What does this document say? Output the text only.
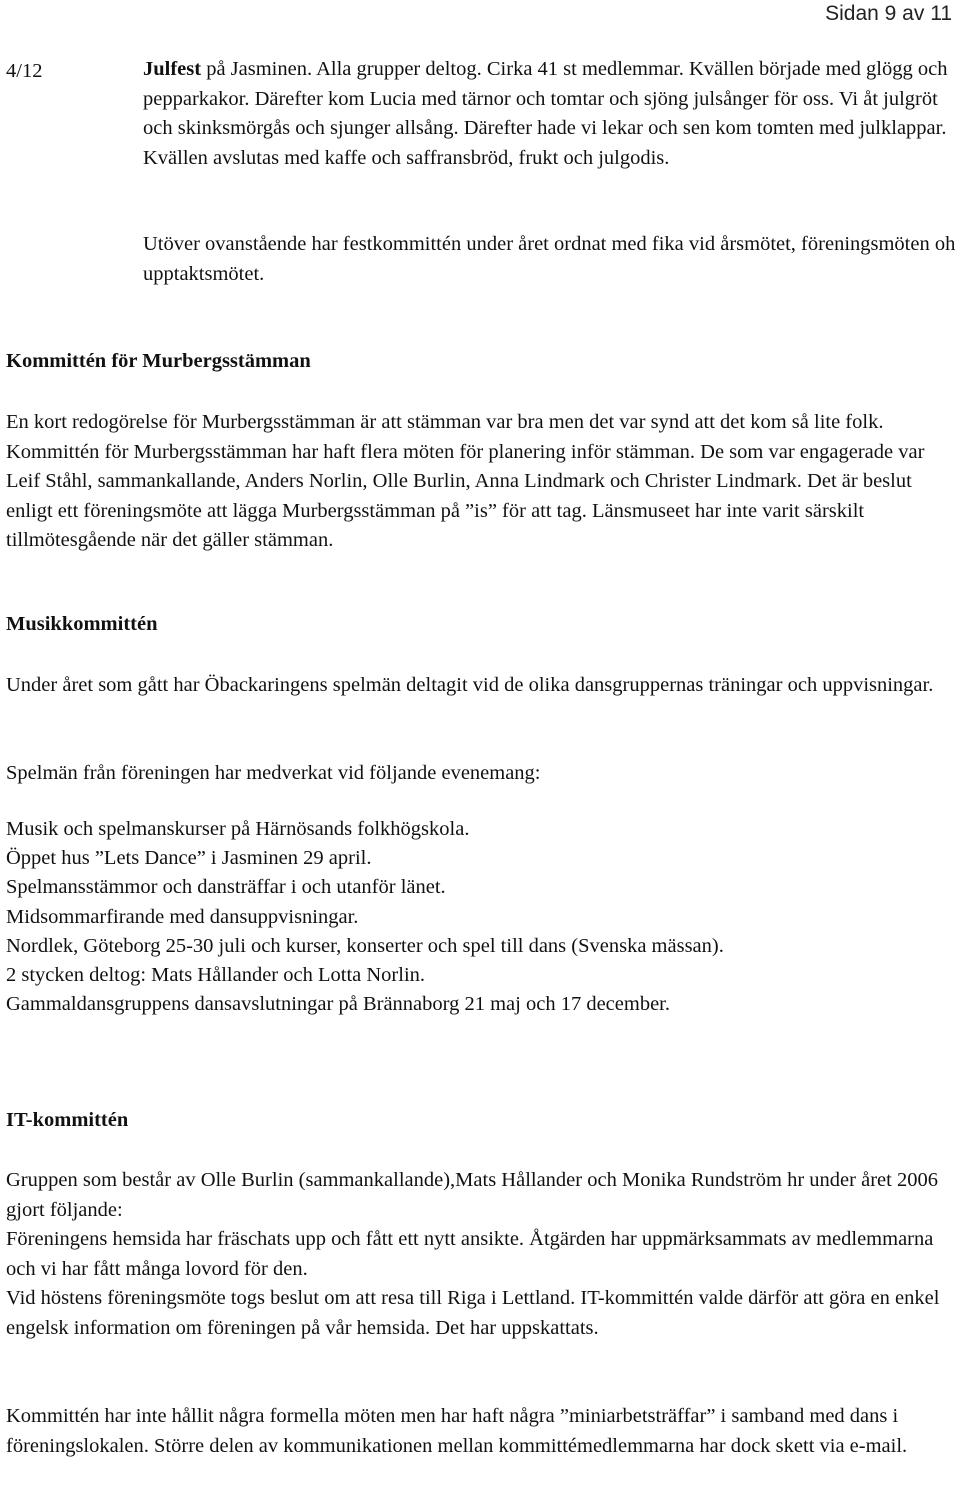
Sidan 9 av 11
4/12	Julfest på Jasminen. Alla grupper deltog. Cirka 41 st medlemmar. Kvällen började med glögg och pepparkakor. Därefter kom Lucia med tärnor och tomtar och sjöng julsånger för oss. Vi åt julgröt och skinksmörgås och sjunger allsång. Därefter hade vi lekar och sen kom tomten med julklappar. Kvällen avslutas med kaffe och saffransbröd, frukt och julgodis.

Utöver ovanstående har festkommittén under året ordnat med fika vid årsmötet, föreningsmöten oh upptaktsmötet.

Kommittén för Murbergsstämman

En kort redogörelse för Murbergsstämman är att stämman var bra men det var synd att det kom så lite folk. Kommittén för Murbergsstämman har haft flera möten för planering inför stämman. De som var engagerade var Leif Ståhl, sammankallande, Anders Norlin, Olle Burlin, Anna Lindmark och Christer Lindmark. Det är beslut enligt ett föreningsmöte att lägga Murbergsstämman på ”is” för att tag. Länsmuseet har inte varit särskilt tillmötesgående när det gäller stämman.

Musikkommittén

Under året som gått har Öbackaringens spelmän deltagit vid de olika dansgruppernas träningar och uppvisningar.

Spelmän från föreningen har medverkat vid följande evenemang:

Musik och spelmanskurser på Härnösands folkhögskola.
Öppet hus ”Lets Dance” i Jasminen 29 april.
Spelmansstämmor och dansträffar i och utanför länet.
Midsommarfirande med dansuppvisningar.
Nordlek, Göteborg 25-30 juli och kurser, konserter och spel till dans (Svenska mässan).
2 stycken deltog: Mats Hållander och Lotta Norlin.
Gammaldansgruppens dansavslutningar på Brännaborg 21 maj och 17 december.
IT-kommittén
Gruppen som består av Olle Burlin (sammankallande),Mats Hållander och Monika Rundström hr under året 2006 gjort följande:
Föreningens hemsida har fräschats upp och fått ett nytt ansikte. Åtgärden har uppmärksammats av medlemmarna och vi har fått många lovord för den.
Vid höstens föreningsmöte togs beslut om att resa till Riga i Lettland. IT-kommittén valde därför att göra en enkel engelsk information om föreningen på vår hemsida. Det har uppskattats.

Kommittén har inte hållit några formella möten men har haft några ”miniarbetsträffar” i samband med dans i föreningslokalen. Större delen av kommunikationen mellan kommittémedlemmarna har dock skett via e-mail.
